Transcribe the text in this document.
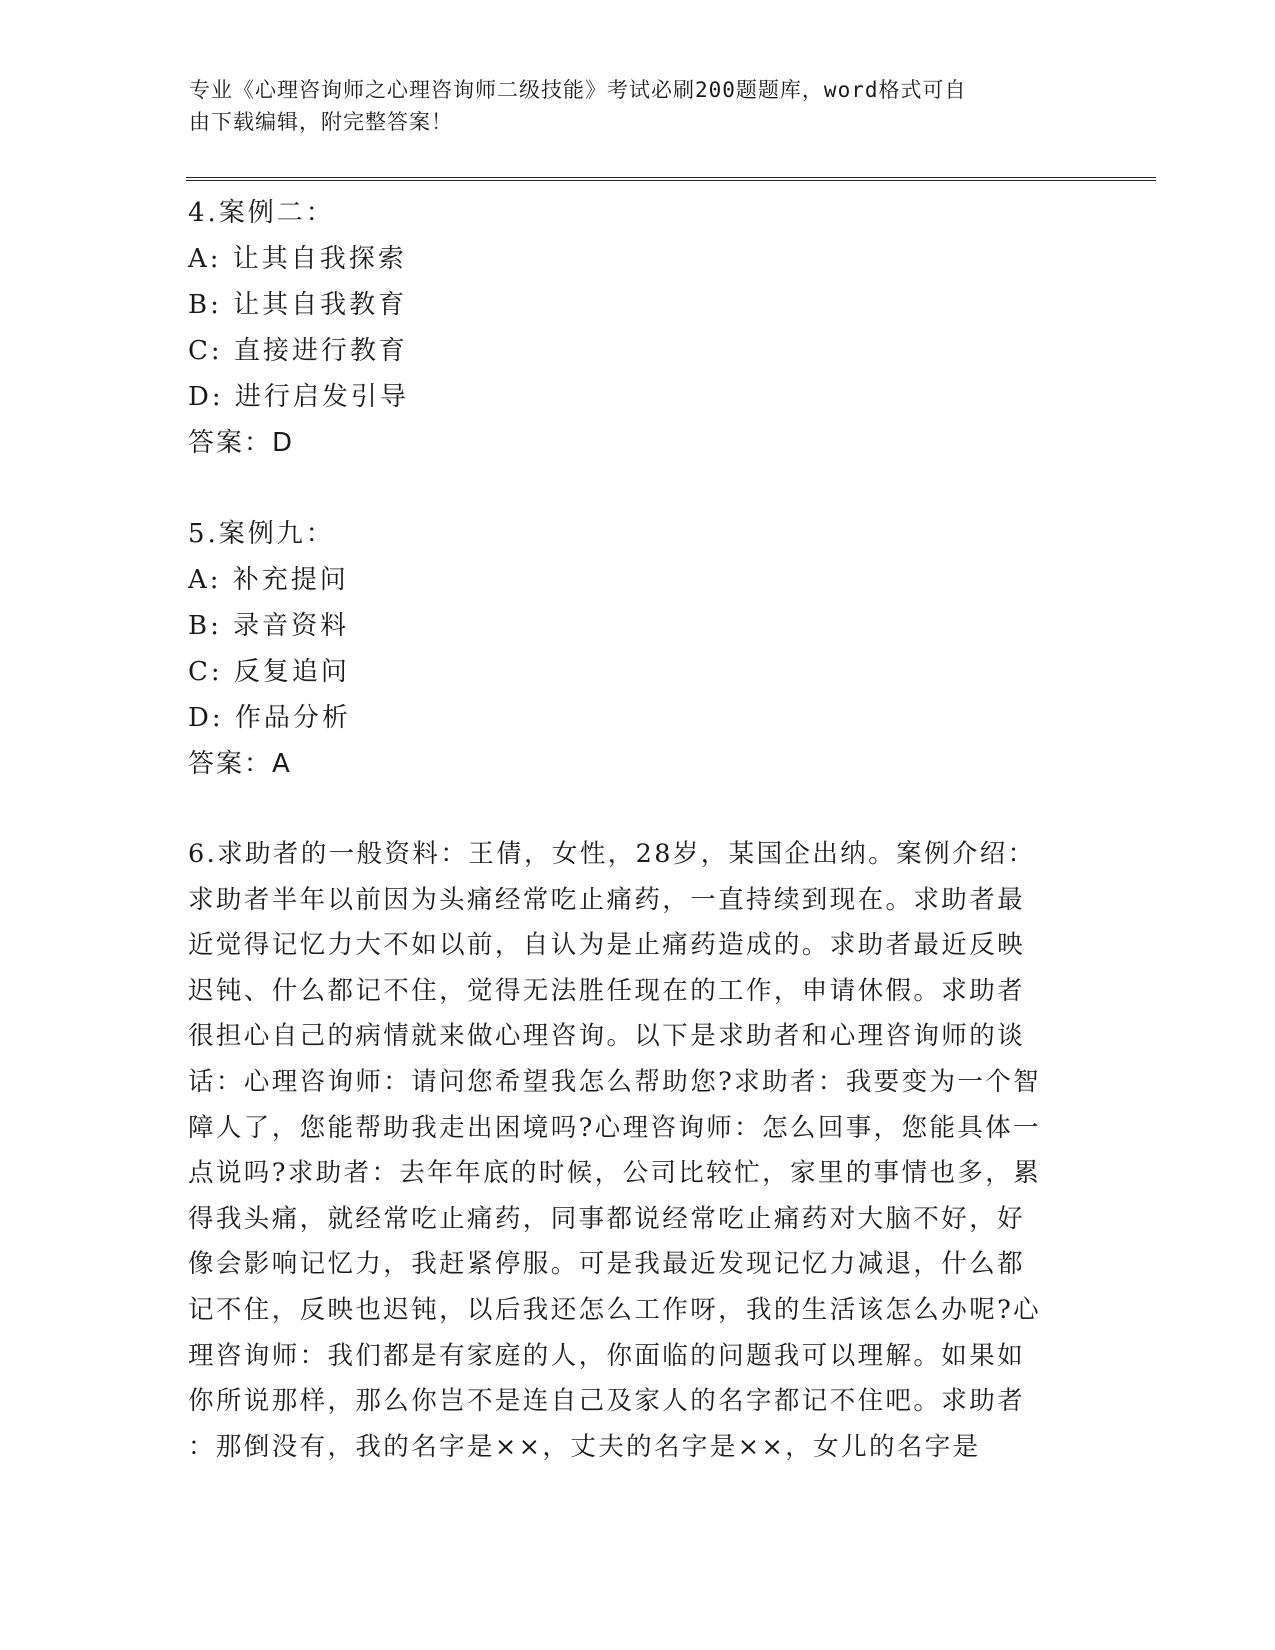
专业《心理咨询师之心理咨询师二级技能》考试必刷200题题库，word格式可自
由下载编辑，附完整答案！
4.案例二：
A: 让其自我探索
B: 让其自我教育
C: 直接进行教育
D: 进行启发引导
答案：D
5.案例九：
A: 补充提问
B: 录音资料
C: 反复追问
D: 作品分析
答案：A
6.求助者的一般资料：王倩，女性，28岁，某国企出纳。案例介绍：
求助者半年以前因为头痛经常吃止痛药，一直持续到现在。求助者最
近觉得记忆力大不如以前，自认为是止痛药造成的。求助者最近反映
迟钝、什么都记不住，觉得无法胜任现在的工作，申请休假。求助者
很担心自己的病情就来做心理咨询。以下是求助者和心理咨询师的谈
话：心理咨询师：请问您希望我怎么帮助您?求助者：我要变为一个智
障人了，您能帮助我走出困境吗?心理咨询师：怎么回事，您能具体一
点说吗?求助者：去年年底的时候，公司比较忙，家里的事情也多，累
得我头痛，就经常吃止痛药，同事都说经常吃止痛药对大脑不好，好
像会影响记忆力，我赶紧停服。可是我最近发现记忆力减退，什么都
记不住，反映也迟钝，以后我还怎么工作呀，我的生活该怎么办呢?心
理咨询师：我们都是有家庭的人，你面临的问题我可以理解。如果如
你所说那样，那么你岂不是连自己及家人的名字都记不住吧。求助者
：那倒没有，我的名字是××，丈夫的名字是××，女儿的名字是
